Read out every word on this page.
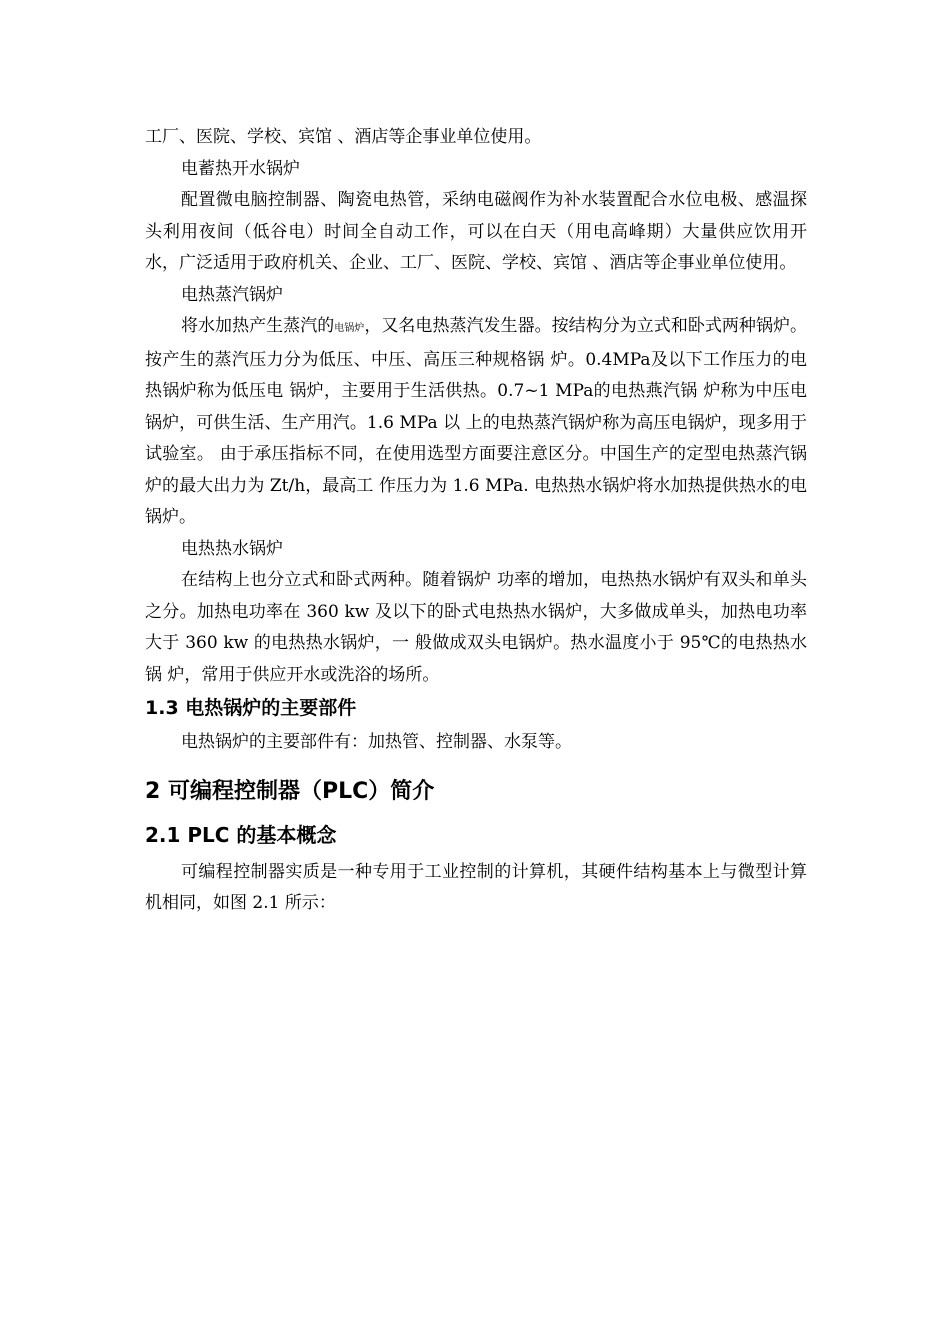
工厂、医院、学校、宾馆 、酒店等企事业单位使用。

电蓄热开水锅炉

配置微电脑控制器、陶瓷电热管，采纳电磁阀作为补水装置配合水位电极、感温探头利用夜间（低谷电）时间全自动工作，可以在白天（用电高峰期）大量供应饮用开水，广泛适用于政府机关、企业、工厂、医院、学校、宾馆 、酒店等企事业单位使用。

电热蒸汽锅炉

将水加热产生蒸汽的电锅炉，又名电热蒸汽发生器。按结构分为立式和卧式两种锅炉。 按产生的蒸汽压力分为低压、中压、高压三种规格锅 炉。0.4MPa及以下工作压力的电热锅炉称为低压电 锅炉，主要用于生活供热。0.7~1 MPa的电热燕汽锅 炉称为中压电锅炉，可供生活、生产用汽。1.6 MPa 以 上的电热蒸汽锅炉称为高压电锅炉，现多用于试验室。 由于承压指标不同，在使用选型方面要注意区分。中国生产的定型电热蒸汽锅炉的最大出力为 Zt/h，最高工 作压力为 1.6 MPa. 电热热水锅炉将水加热提供热水的电锅炉。

电热热水锅炉

在结构上也分立式和卧式两种。随着锅炉 功率的增加，电热热水锅炉有双头和单头之分。加热电功率在 360 kw 及以下的卧式电热热水锅炉，大多做成单头，加热电功率大于 360 kw 的电热热水锅炉，一 般做成双头电锅炉。热水温度小于 95℃的电热热水锅 炉，常用于供应开水或洗浴的场所。

1.3 电热锅炉的主要部件

电热锅炉的主要部件有：加热管、控制器、水泵等。

2 可编程控制器（PLC）简介
2.1 PLC 的基本概念

可编程控制器实质是一种专用于工业控制的计算机，其硬件结构基本上与微型计算机相同，如图 2.1 所示：
